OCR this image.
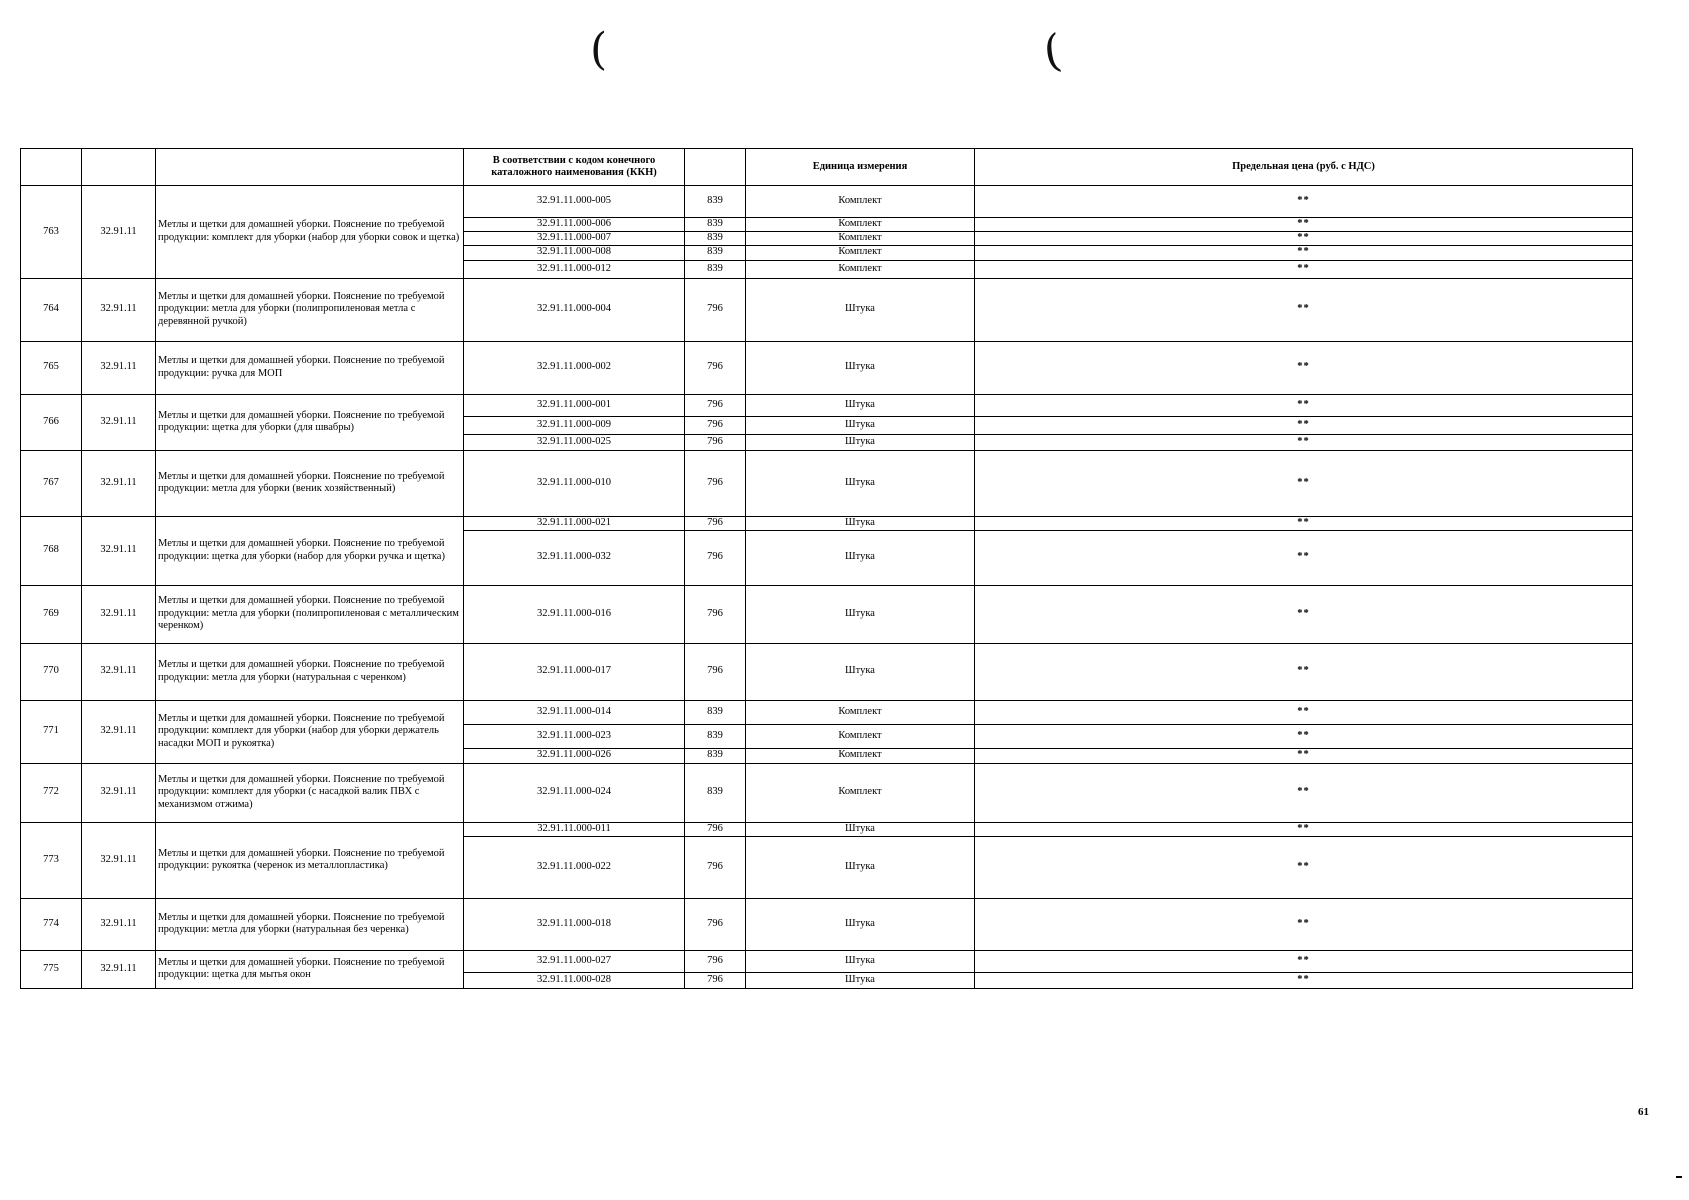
(	(
			В соответствии с кодом конечного каталожного наименования (ККН)		Единица измерения	Предельная цена (руб. с НДС)
763	32.91.11	Метлы и щетки для домашней уборки. Пояснение по требуемой продукции: комплект для уборки (набор для уборки совок и щетка)	32.91.11.000-005	839	Комплект	**
			32.91.11.000-006	839	Комплект	**
			32.91.11.000-007	839	Комплект	**
			32.91.11.000-008	839	Комплект	**
			32.91.11.000-012	839	Комплект	**
764	32.91.11	Метлы и щетки для домашней уборки. Пояснение по требуемой продукции: метла для уборки (полипропиленовая метла с деревянной ручкой)	32.91.11.000-004	796	Штука	**
765	32.91.11	Метлы и щетки для домашней уборки. Пояснение по требуемой продукции: ручка для МОП	32.91.11.000-002	796	Штука	**
766	32.91.11	Метлы и щетки для домашней уборки. Пояснение по требуемой продукции: щетка для уборки (для швабры)	32.91.11.000-001	796	Штука	**
			32.91.11.000-009	796	Штука	**
			32.91.11.000-025	796	Штука	**
767	32.91.11	Метлы и щетки для домашней уборки. Пояснение по требуемой продукции: метла для уборки (веник хозяйственный)	32.91.11.000-010	796	Штука	**
768	32.91.11	Метлы и щетки для домашней уборки. Пояснение по требуемой продукции: щетка для уборки (набор для уборки ручка и щетка)	32.91.11.000-021	796	Штука	**
			32.91.11.000-032	796	Штука	**
769	32.91.11	Метлы и щетки для домашней уборки. Пояснение по требуемой продукции: метла для уборки (полипропиленовая с металлическим черенком)	32.91.11.000-016	796	Штука	**
770	32.91.11	Метлы и щетки для домашней уборки. Пояснение по требуемой продукции: метла для уборки (натуральная с черенком)	32.91.11.000-017	796	Штука	**
771	32.91.11	Метлы и щетки для домашней уборки. Пояснение по требуемой продукции: комплект для уборки (набор для уборки держатель насадки МОП и рукоятка)	32.91.11.000-014	839	Комплект	**
			32.91.11.000-023	839	Комплект	**
			32.91.11.000-026	839	Комплект	**
772	32.91.11	Метлы и щетки для домашней уборки. Пояснение по требуемой продукции: комплект для уборки (с насадкой валик ПВХ с механизмом отжима)	32.91.11.000-024	839	Комплект	**
773	32.91.11	Метлы и щетки для домашней уборки. Пояснение по требуемой продукции: рукоятка (черенок из металлопластика)	32.91.11.000-011	796	Штука	**
			32.91.11.000-022	796	Штука	**
774	32.91.11	Метлы и щетки для домашней уборки. Пояснение по требуемой продукции: метла для уборки (натуральная без черенка)	32.91.11.000-018	796	Штука	**
775	32.91.11	Метлы и щетки для домашней уборки. Пояснение по требуемой продукции: щетка для мытья окон	32.91.11.000-027	796	Штука	**
			32.91.11.000-028	796	Штука	**
61
